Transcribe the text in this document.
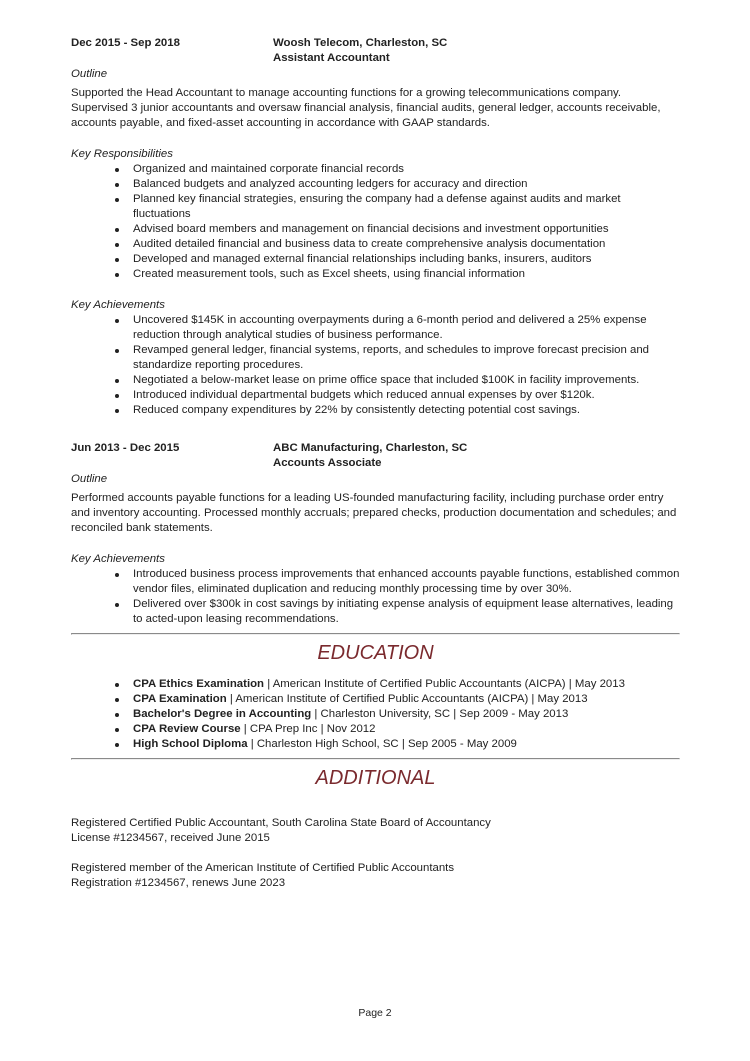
Dec 2015 - Sep 2018	Woosh Telecom, Charleston, SC
Assistant Accountant
Outline
Supported the Head Accountant to manage accounting functions for a growing telecommunications company. Supervised 3 junior accountants and oversaw financial analysis, financial audits, general ledger, accounts receivable, accounts payable, and fixed-asset accounting in accordance with GAAP standards.
Key Responsibilities
Organized and maintained corporate financial records
Balanced budgets and analyzed accounting ledgers for accuracy and direction
Planned key financial strategies, ensuring the company had a defense against audits and market fluctuations
Advised board members and management on financial decisions and investment opportunities
Audited detailed financial and business data to create comprehensive analysis documentation
Developed and managed external financial relationships including banks, insurers, auditors
Created measurement tools, such as Excel sheets, using financial information
Key Achievements
Uncovered $145K in accounting overpayments during a 6-month period and delivered a 25% expense reduction through analytical studies of business performance.
Revamped general ledger, financial systems, reports, and schedules to improve forecast precision and standardize reporting procedures.
Negotiated a below-market lease on prime office space that included $100K in facility improvements.
Introduced individual departmental budgets which reduced annual expenses by over $120k.
Reduced company expenditures by 22% by consistently detecting potential cost savings.
Jun 2013 - Dec 2015	ABC Manufacturing, Charleston, SC
Accounts Associate
Outline
Performed accounts payable functions for a leading US-founded manufacturing facility, including purchase order entry and inventory accounting. Processed monthly accruals; prepared checks, production documentation and schedules; and reconciled bank statements.
Key Achievements
Introduced business process improvements that enhanced accounts payable functions, established common vendor files, eliminated duplication and reducing monthly processing time by over 30%.
Delivered over $300k in cost savings by initiating expense analysis of equipment lease alternatives, leading to acted-upon leasing recommendations.
EDUCATION
CPA Ethics Examination | American Institute of Certified Public Accountants (AICPA) | May 2013
CPA Examination | American Institute of Certified Public Accountants (AICPA) | May 2013
Bachelor's Degree in Accounting | Charleston University, SC | Sep 2009 - May 2013
CPA Review Course | CPA Prep Inc | Nov 2012
High School Diploma | Charleston High School, SC | Sep 2005 - May 2009
ADDITIONAL
Registered Certified Public Accountant, South Carolina State Board of Accountancy
License #1234567, received June 2015
Registered member of the American Institute of Certified Public Accountants
Registration #1234567, renews June 2023
Page 2
